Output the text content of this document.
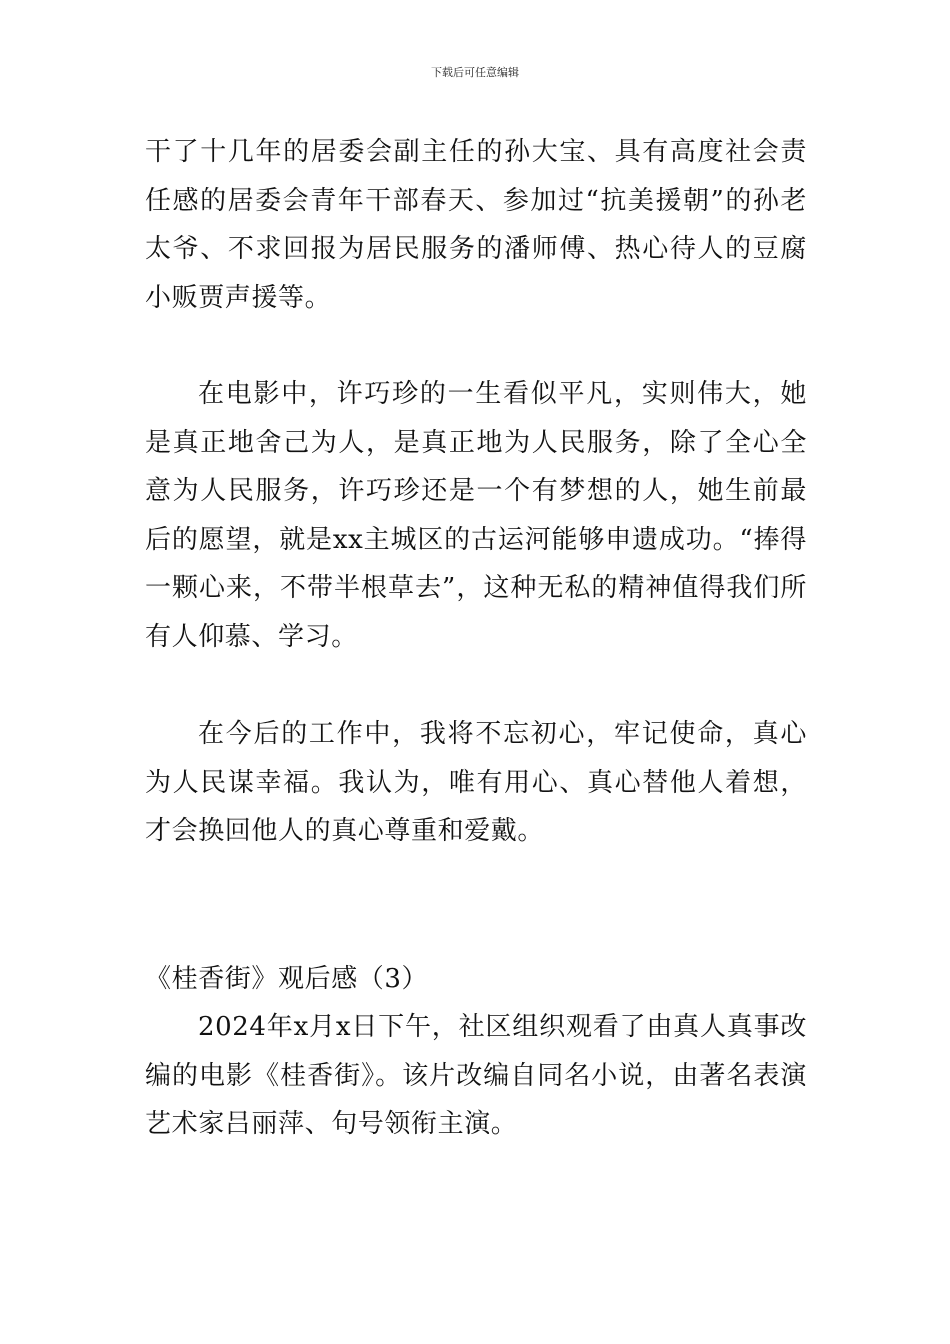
下载后可任意编辑

干了十几年的居委会副主任的孙大宝、具有高度社会责任感的居委会青年干部春天、参加过“抗美援朝”的孙老太爷、不求回报为居民服务的潘师傅、热心待人的豆腐小贩贾声援等。

在电影中，许巧珍的一生看似平凡，实则伟大，她是真正地舍己为人，是真正地为人民服务，除了全心全意为人民服务，许巧珍还是一个有梦想的人，她生前最后的愿望，就是xx主城区的古运河能够申遗成功。“捧得一颗心来，不带半根草去”，这种无私的精神值得我们所有人仰慕、学习。

在今后的工作中，我将不忘初心，牢记使命，真心为人民谋幸福。我认为，唯有用心、真心替他人着想，才会换回他人的真心尊重和爱戴。

《桂香街》观后感（3）

2024年x月x日下午，社区组织观看了由真人真事改编的电影《桂香街》。该片改编自同名小说，由著名表演艺术家吕丽萍、句号领衔主演。
